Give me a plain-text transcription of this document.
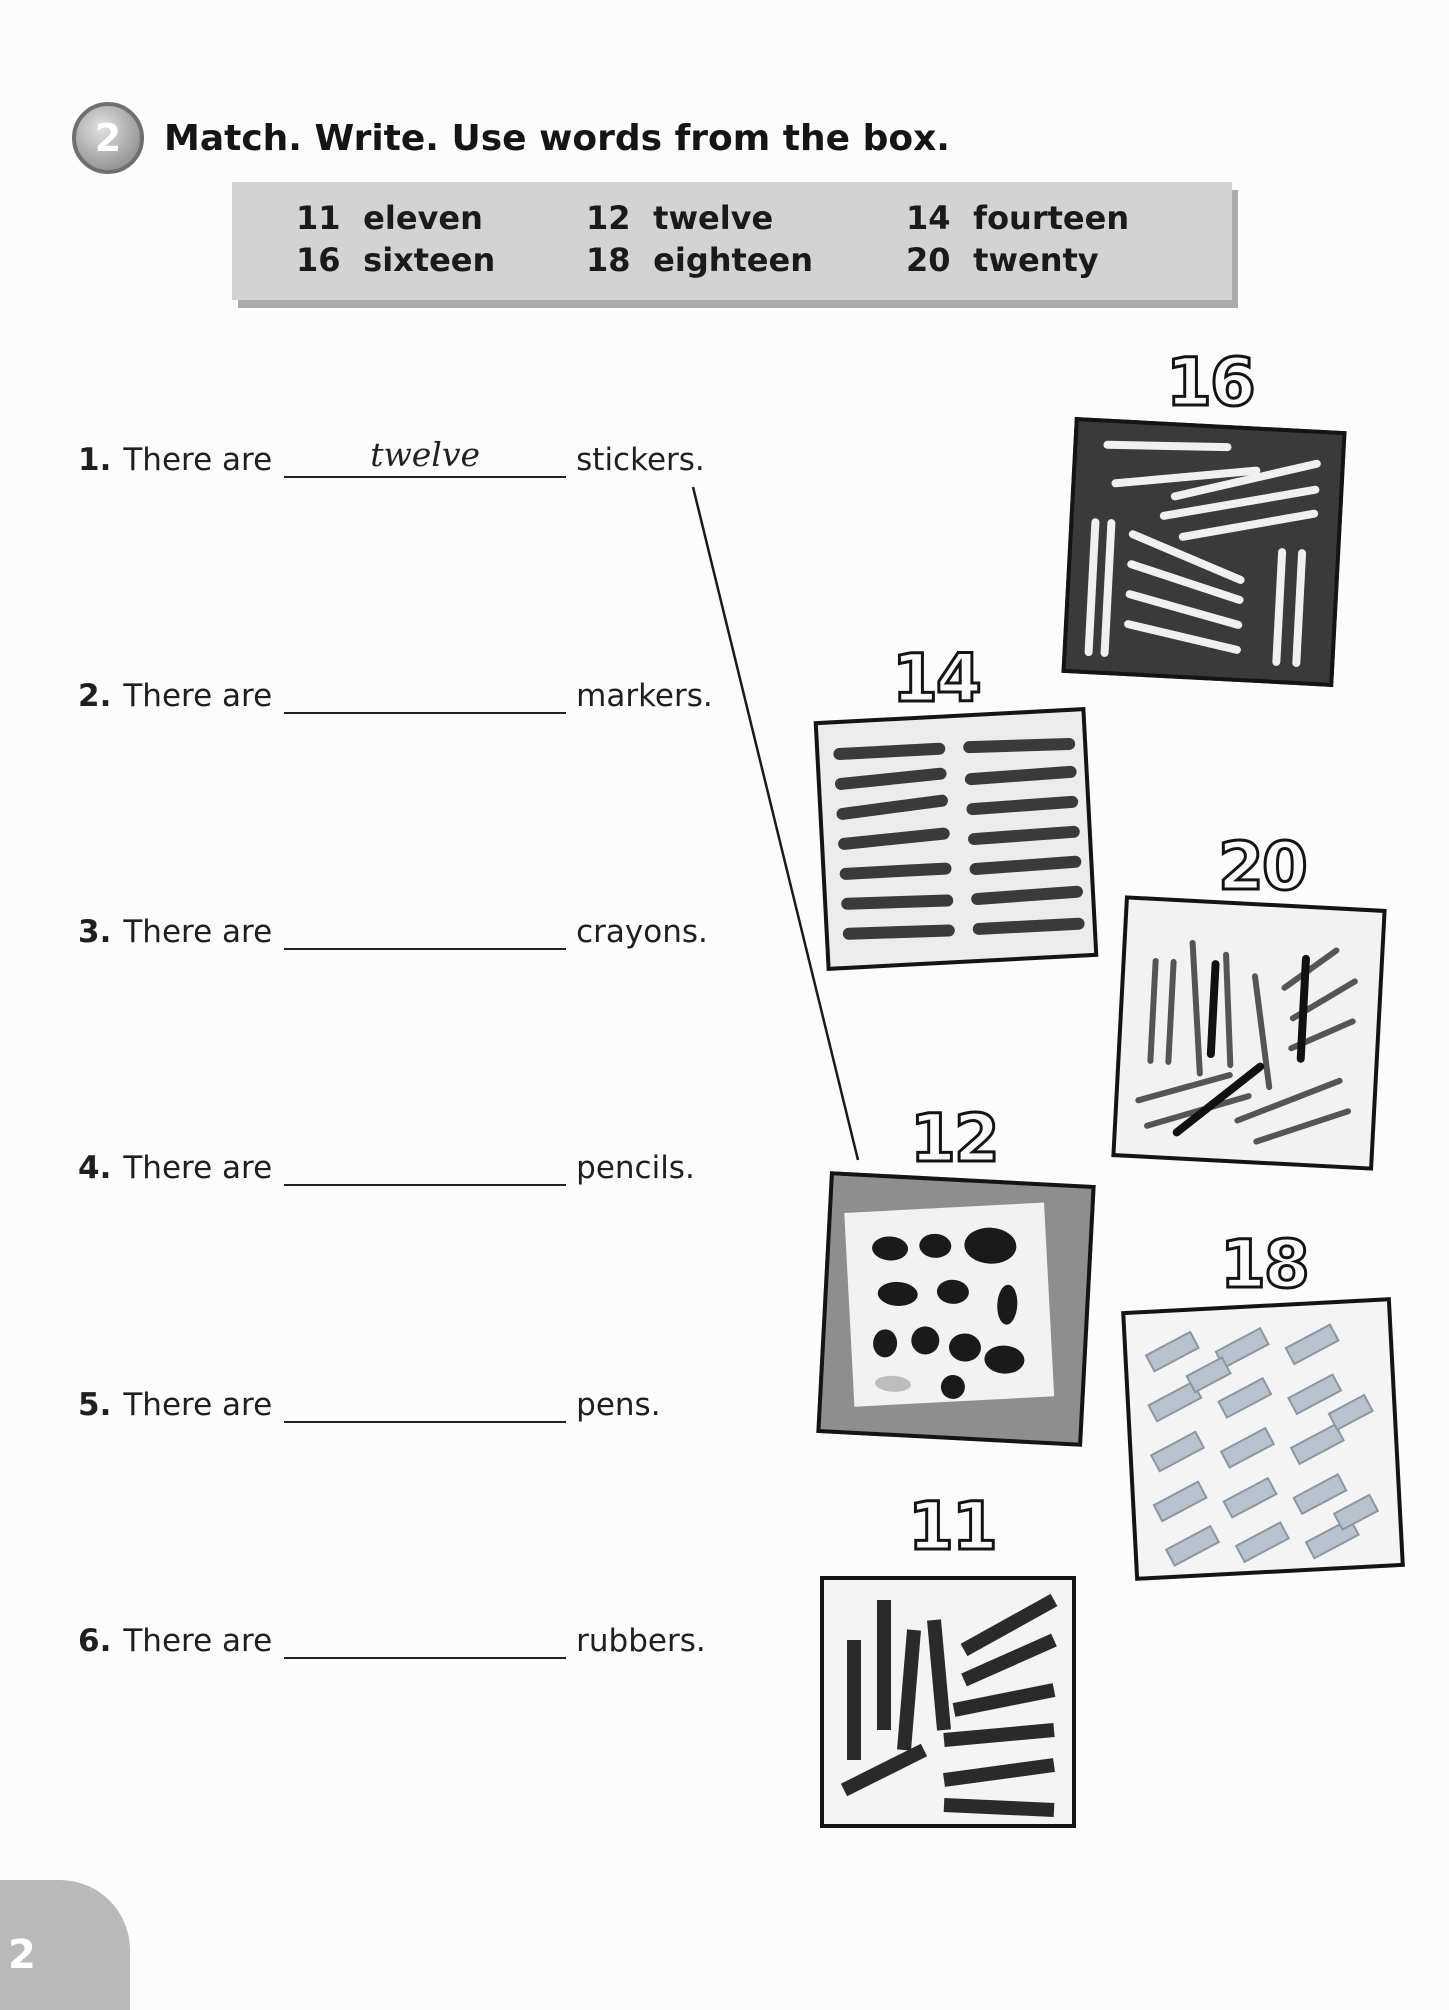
2 Match. Write. Use words from the box.
11 eleven	12 twelve	14 fourteen
16 sixteen	18 eighteen	20 twenty
1. There are	twelve	stickers.
2. There are	markers.
3. There are	crayons.
4. There are	pencils.
5. There are	pens.
6. There are	rubbers.
16
14
20
12
18
11
2
